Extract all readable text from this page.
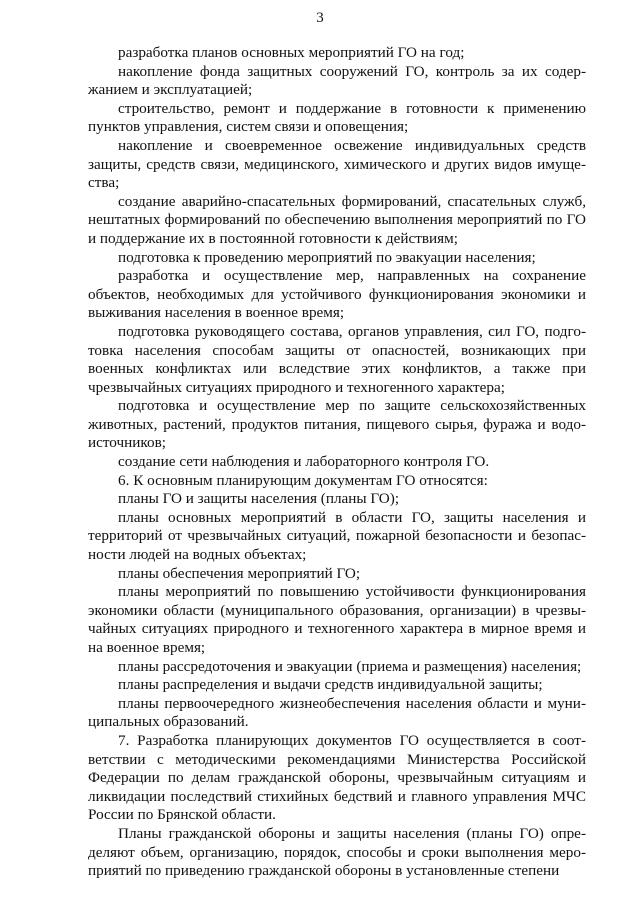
3

разработка планов основных мероприятий ГО на год;

накопление фонда защитных сооружений ГО, контроль за их содержанием и эксплуатацией;

строительство, ремонт и поддержание в готовности к применению пунктов управления, систем связи и оповещения;

накопление и своевременное освежение индивидуальных средств защиты, средств связи, медицинского, химического и других видов имущества;

создание аварийно-спасательных формирований, спасательных служб, нештатных формирований по обеспечению выполнения мероприятий по ГО и поддержание их в постоянной готовности к действиям;

подготовка к проведению мероприятий по эвакуации населения;

разработка и осуществление мер, направленных на сохранение объектов, необходимых для устойчивого функционирования экономики и выживания населения в военное время;

подготовка руководящего состава, органов управления, сил ГО, подготовка населения способам защиты от опасностей, возникающих при военных конфликтах или вследствие этих конфликтов, а также при чрезвычайных ситуациях природного и техногенного характера;

подготовка и осуществление мер по защите сельскохозяйственных животных, растений, продуктов питания, пищевого сырья, фуража и водоисточников;

создание сети наблюдения и лабораторного контроля ГО.

6. К основным планирующим документам ГО относятся:

планы ГО и защиты населения (планы ГО);

планы основных мероприятий в области ГО, защиты населения и территорий от чрезвычайных ситуаций, пожарной безопасности и безопасности людей на водных объектах;

планы обеспечения мероприятий ГО;

планы мероприятий по повышению устойчивости функционирования экономики области (муниципального образования, организации) в чрезвычайных ситуациях природного и техногенного характера в мирное время и на военное время;

планы рассредоточения и эвакуации (приема и размещения) населения;

планы распределения и выдачи средств индивидуальной защиты;

планы первоочередного жизнеобеспечения населения области и муниципальных образований.

7. Разработка планирующих документов ГО осуществляется в соответствии с методическими рекомендациями Министерства Российской Федерации по делам гражданской обороны, чрезвычайным ситуациям и ликвидации последствий стихийных бедствий и главного управления МЧС России по Брянской области.

Планы гражданской обороны и защиты населения (планы ГО) определяют объем, организацию, порядок, способы и сроки выполнения мероприятий по приведению гражданской обороны в установленные степени
